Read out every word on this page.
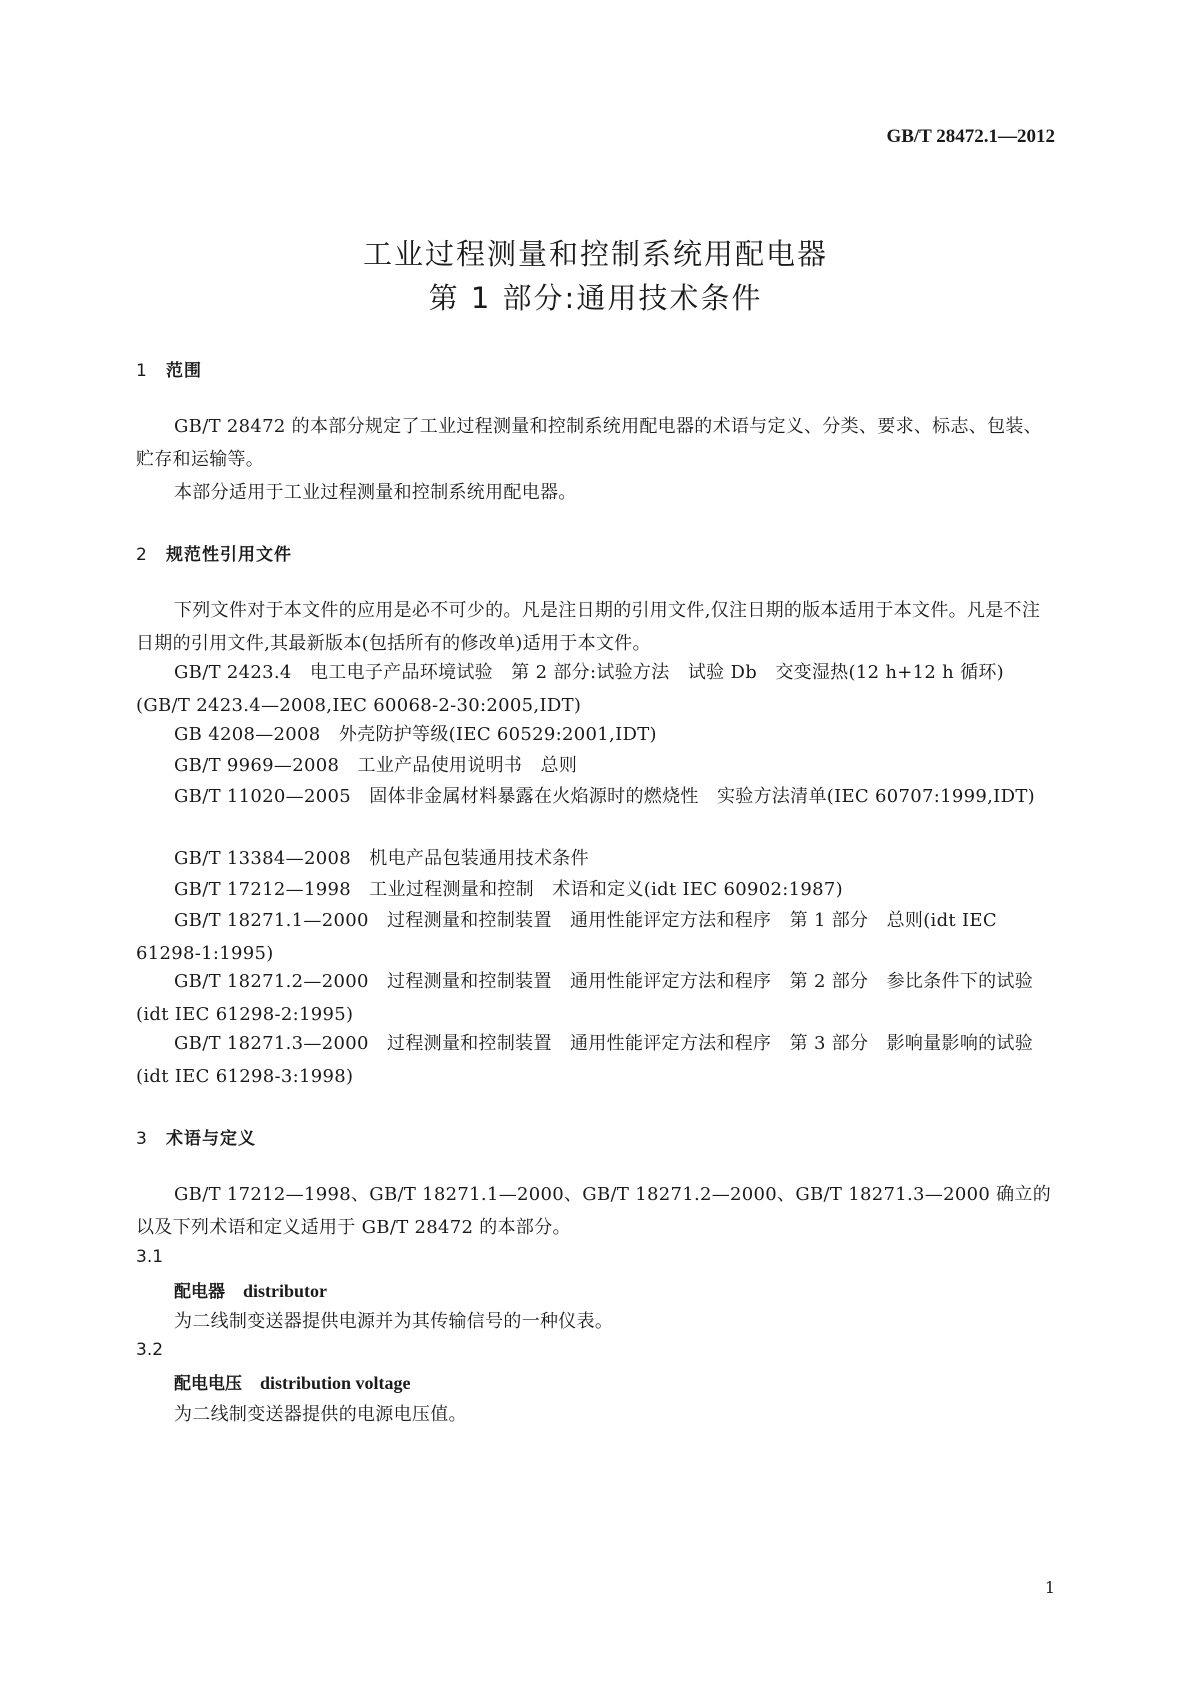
GB/T 28472.1—2012
工业过程测量和控制系统用配电器
第 1 部分:通用技术条件
1 范围
GB/T 28472 的本部分规定了工业过程测量和控制系统用配电器的术语与定义、分类、要求、标志、包装、贮存和运输等。
本部分适用于工业过程测量和控制系统用配电器。
2 规范性引用文件
下列文件对于本文件的应用是必不可少的。凡是注日期的引用文件,仅注日期的版本适用于本文件。凡是不注日期的引用文件,其最新版本(包括所有的修改单)适用于本文件。
GB/T 2423.4　电工电子产品环境试验　第 2 部分:试验方法　试验 Db　交变湿热(12 h+12 h 循环)(GB/T 2423.4—2008,IEC 60068-2-30:2005,IDT)
GB 4208—2008　外壳防护等级(IEC 60529:2001,IDT)
GB/T 9969—2008　工业产品使用说明书　总则
GB/T 11020—2005　固体非金属材料暴露在火焰源时的燃烧性　实验方法清单(IEC 60707:1999,IDT)
GB/T 13384—2008　机电产品包装通用技术条件
GB/T 17212—1998　工业过程测量和控制　术语和定义(idt IEC 60902:1987)
GB/T 18271.1—2000　过程测量和控制装置　通用性能评定方法和程序　第 1 部分　总则(idt IEC 61298-1:1995)
GB/T 18271.2—2000　过程测量和控制装置　通用性能评定方法和程序　第 2 部分　参比条件下的试验(idt IEC 61298-2:1995)
GB/T 18271.3—2000　过程测量和控制装置　通用性能评定方法和程序　第 3 部分　影响量影响的试验(idt IEC 61298-3:1998)
3 术语与定义
GB/T 17212—1998、GB/T 18271.1—2000、GB/T 18271.2—2000、GB/T 18271.3—2000 确立的以及下列术语和定义适用于 GB/T 28472 的本部分。
3.1
配电器 distributor
为二线制变送器提供电源并为其传输信号的一种仪表。
3.2
配电电压 distribution voltage
为二线制变送器提供的电源电压值。
1
